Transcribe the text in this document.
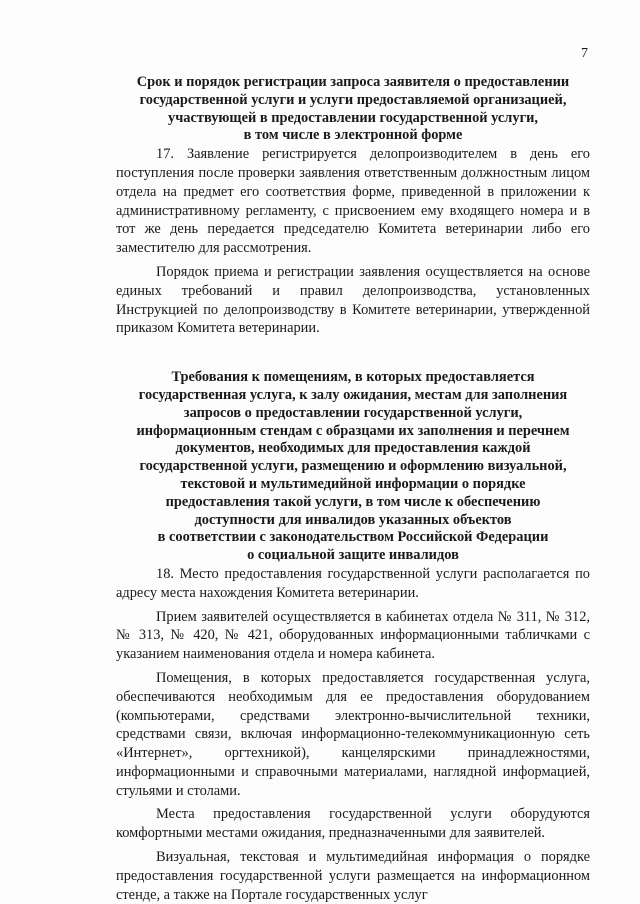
7
Срок и порядок регистрации запроса заявителя о предоставлении
государственной услуги и услуги предоставляемой организацией,
участвующей в предоставлении государственной услуги,
в том числе в электронной форме

17. Заявление регистрируется делопроизводителем в день его поступления после проверки заявления ответственным должностным лицом отдела на предмет его соответствия форме, приведенной в приложении к административному регламенту, с присвоением ему входящего номера и в тот же день передается председателю Комитета ветеринарии либо его заместителю для рассмотрения.

Порядок приема и регистрации заявления осуществляется на основе единых требований и правил делопроизводства, установленных Инструкцией по делопроизводству в Комитете ветеринарии, утвержденной приказом Комитета ветеринарии.

Требования к помещениям, в которых предоставляется
государственная услуга, к залу ожидания, местам для заполнения
запросов о предоставлении государственной услуги,
информационным стендам с образцами их заполнения и перечнем
документов, необходимых для предоставления каждой
государственной услуги, размещению и оформлению визуальной,
текстовой и мультимедийной информации о порядке
предоставления такой услуги, в том числе к обеспечению
доступности для инвалидов указанных объектов
в соответствии с законодательством Российской Федерации
о социальной защите инвалидов

18. Место предоставления государственной услуги располагается по адресу места нахождения Комитета ветеринарии.

Прием заявителей осуществляется в кабинетах отдела № 311, № 312, № 313, № 420, № 421, оборудованных информационными табличками с указанием наименования отдела и номера кабинета.

Помещения, в которых предоставляется государственная услуга, обеспечиваются необходимым для ее предоставления оборудованием (компьютерами, средствами электронно-вычислительной техники, средствами связи, включая информационно-телекоммуникационную сеть «Интернет», оргтехникой), канцелярскими принадлежностями, информационными и справочными материалами, наглядной информацией, стульями и столами.

Места предоставления государственной услуги оборудуются комфортными местами ожидания, предназначенными для заявителей.

Визуальная, текстовая и мультимедийная информация о порядке предоставления государственной услуги размещается на информационном стенде, а также на Портале государственных услуг
